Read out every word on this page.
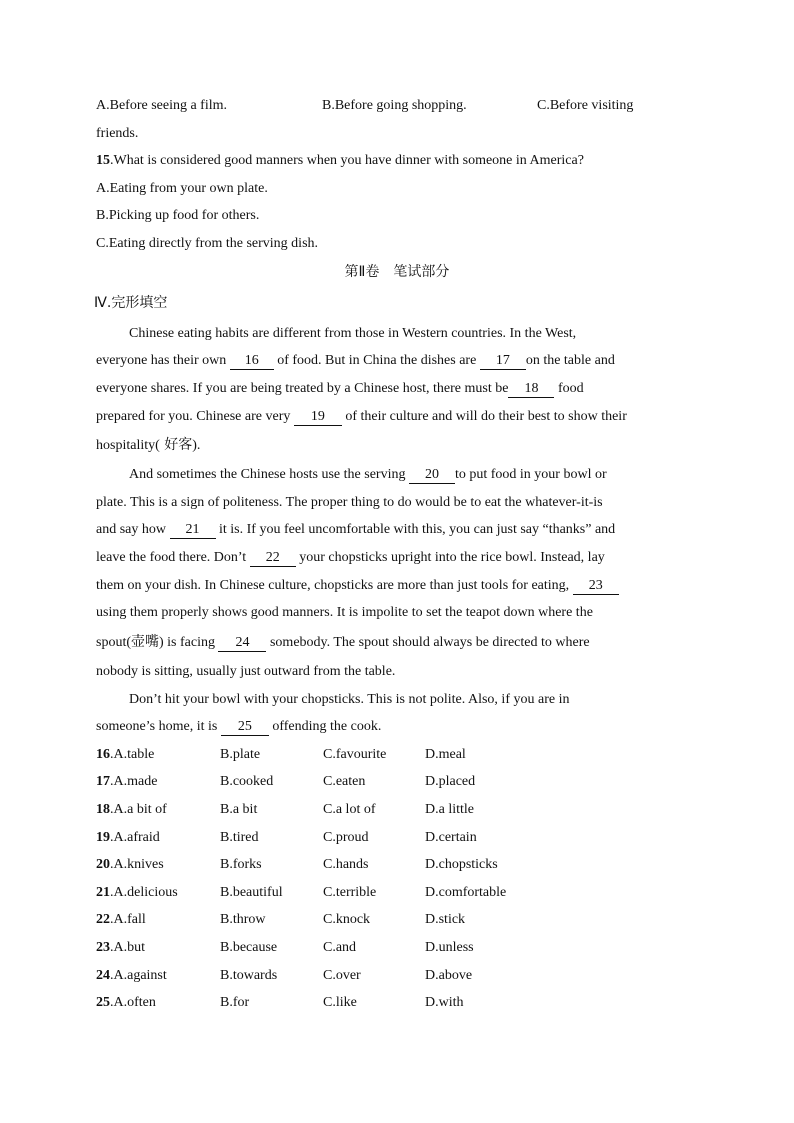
A.Before seeing a film.	B.Before going shopping.	C.Before visiting
friends.
15.What is considered good manners when you have dinner with someone in America?
A.Eating from your own plate.
B.Picking up food for others.
C.Eating directly from the serving dish.
第Ⅱ卷　笔试部分
Ⅳ.完形填空
Chinese eating habits are different from those in Western countries. In the West,
everyone has their own 16 of food. But in China the dishes are 17 on the table and
everyone shares. If you are being treated by a Chinese host, there must be 18 food
prepared for you. Chinese are very 19 of their culture and will do their best to show their
hospitality( 好客).
And sometimes the Chinese hosts use the serving 20 to put food in your bowl or
plate. This is a sign of politeness. The proper thing to do would be to eat the whatever-it-is
and say how 21 it is. If you feel uncomfortable with this, you can just say “thanks” and
leave the food there. Don’t 22 your chopsticks upright into the rice bowl. Instead, lay
them on your dish. In Chinese culture, chopsticks are more than just tools for eating, 23
using them properly shows good manners. It is impolite to set the teapot down where the
spout(壶嘴) is facing 24 somebody. The spout should always be directed to where
nobody is sitting, usually just outward from the table.
Don’t hit your bowl with your chopsticks. This is not polite. Also, if you are in
someone’s home, it is 25 offending the cook.
16.A.table	B.plate	C.favourite	D.meal
17.A.made	B.cooked	C.eaten	D.placed
18.A.a bit of	B.a bit	C.a lot of	D.a little
19.A.afraid	B.tired	C.proud	D.certain
20.A.knives	B.forks	C.hands	D.chopsticks
21.A.delicious	B.beautiful	C.terrible	D.comfortable
22.A.fall	B.throw	C.knock	D.stick
23.A.but	B.because	C.and	D.unless
24.A.against	B.towards	C.over	D.above
25.A.often	B.for	C.like	D.with
